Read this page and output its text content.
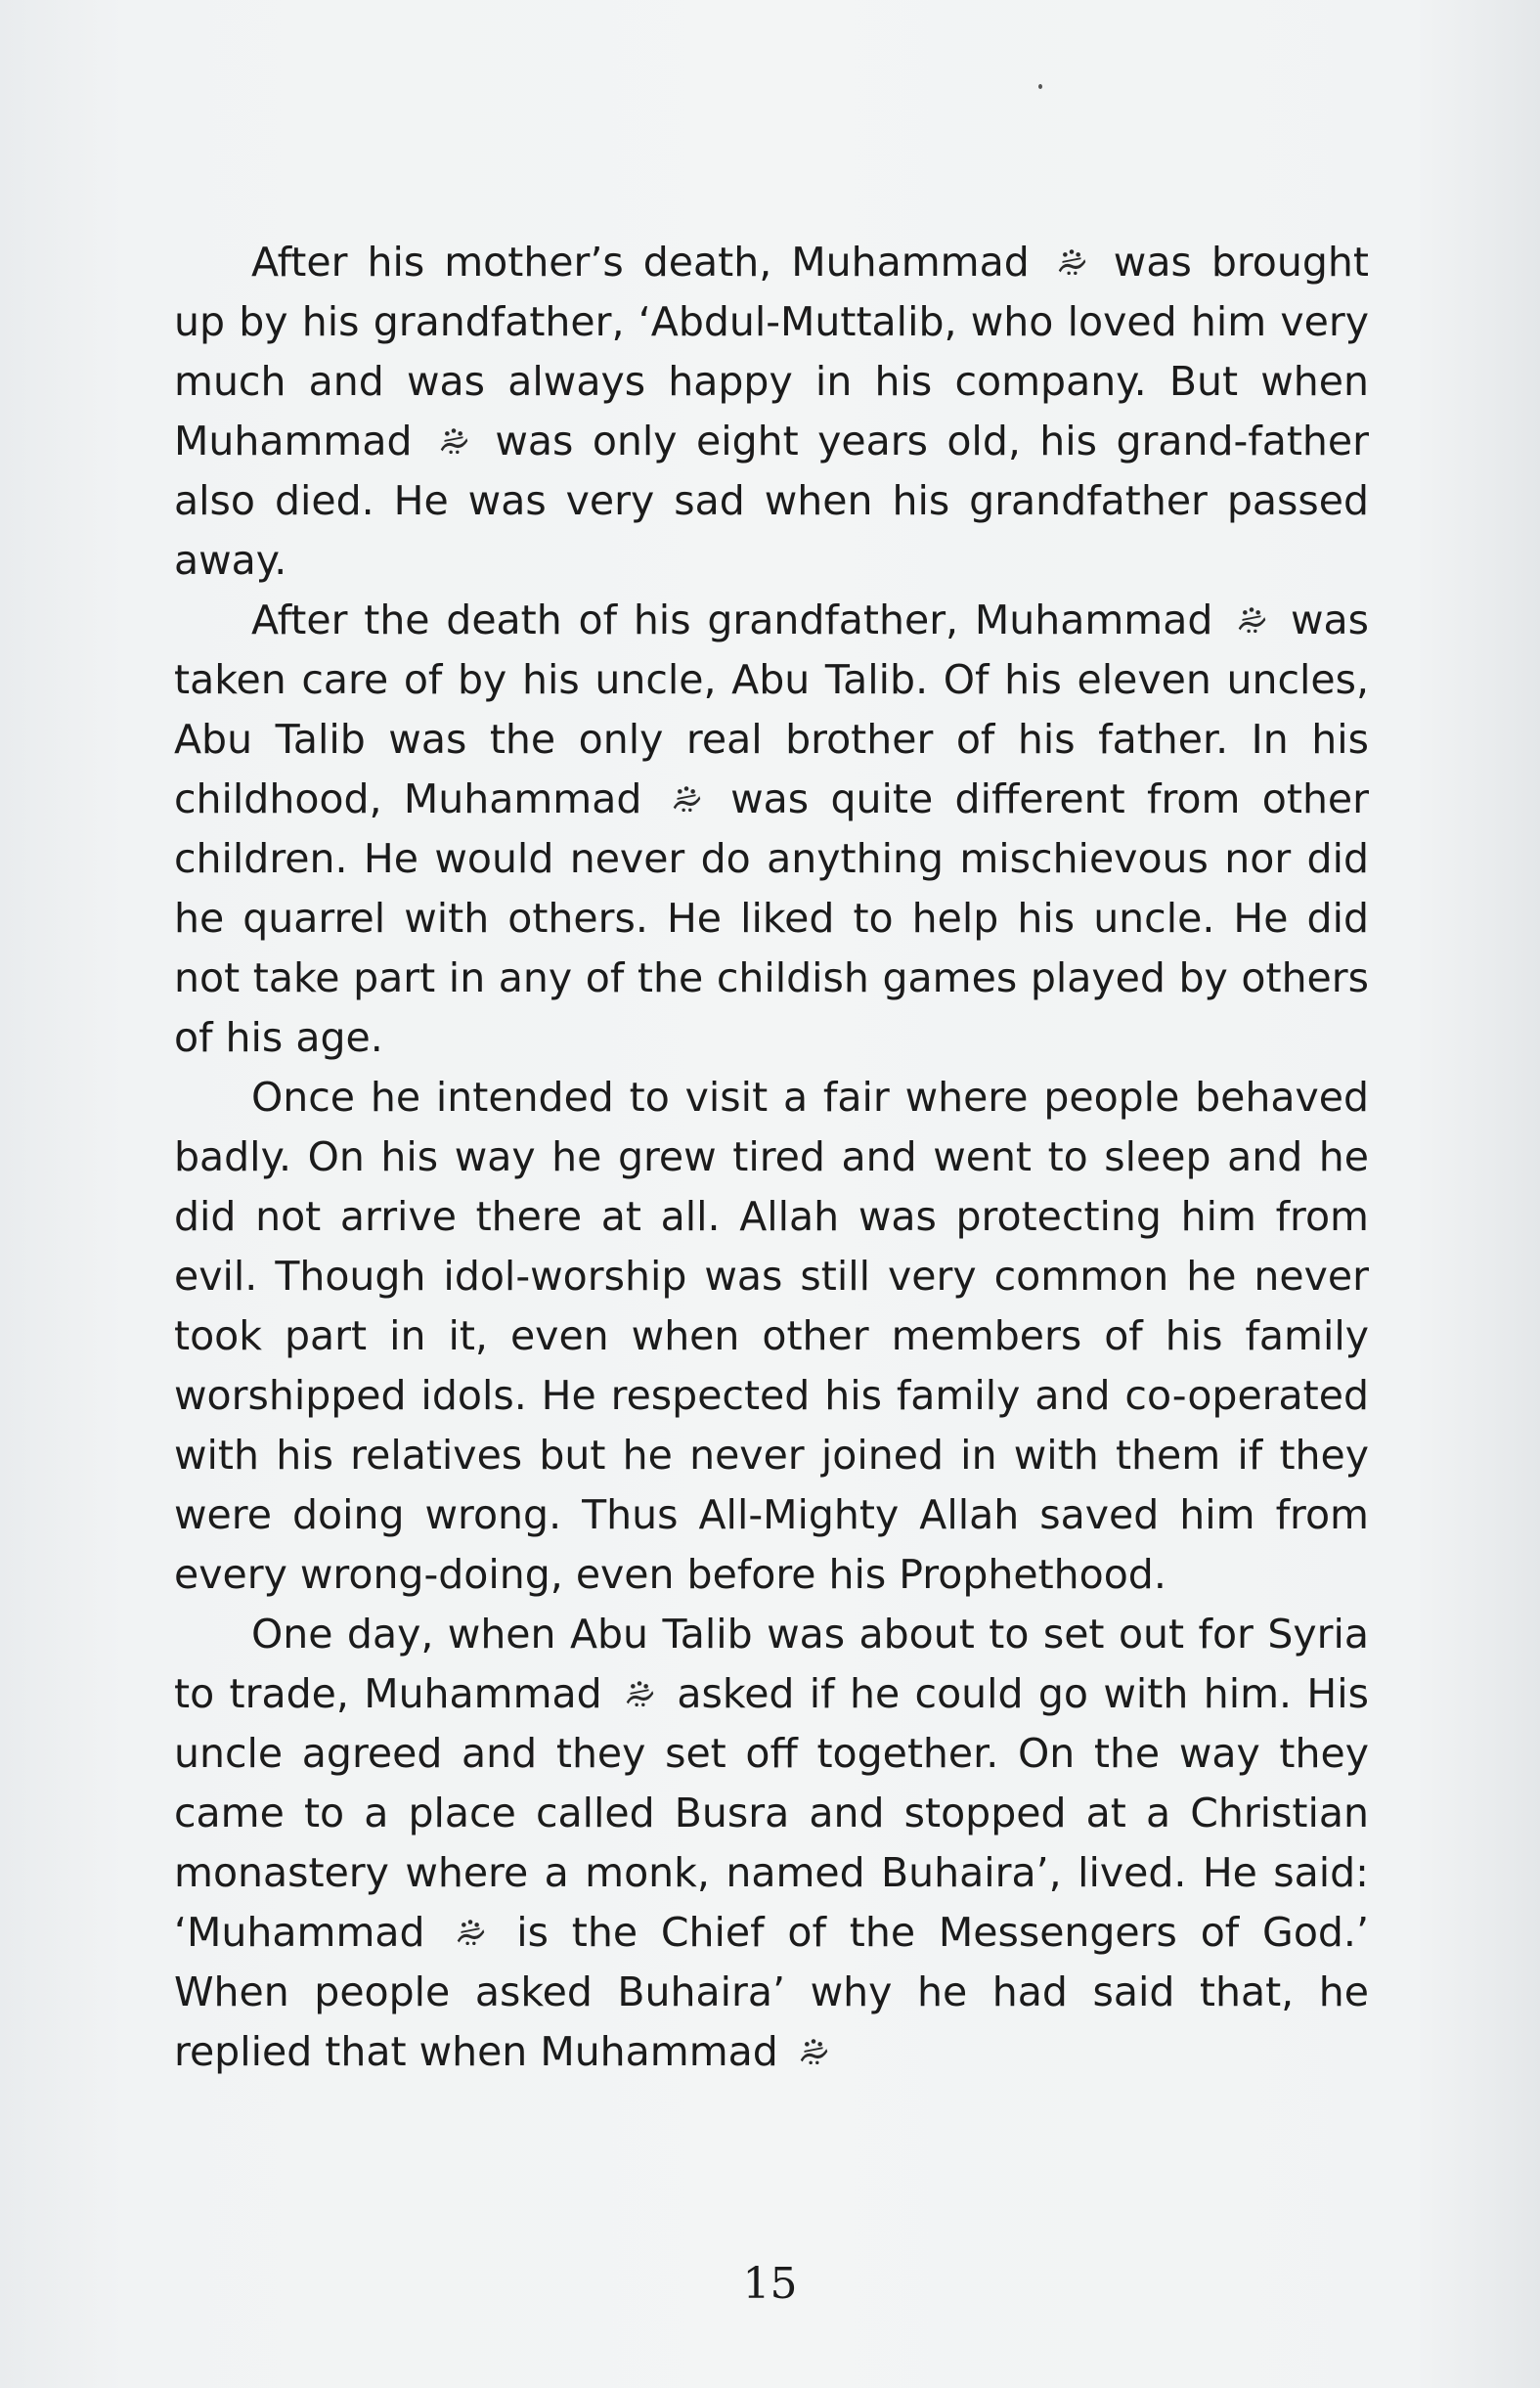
After his mother’s death, Muhammad was brought up by his grandfather, ‘Abdul-Muttalib, who loved him very much and was always happy in his company. But when Muhammad was only eight years old, his grand-father also died. He was very sad when his grandfather passed away.

After the death of his grandfather, Muhammad was taken care of by his uncle, Abu Talib. Of his eleven uncles, Abu Talib was the only real brother of his father. In his childhood, Muhammad was quite different from other children. He would never do anything mischievous nor did he quarrel with others. He liked to help his uncle. He did not take part in any of the childish games played by others of his age.

Once he intended to visit a fair where people behaved badly. On his way he grew tired and went to sleep and he did not arrive there at all. Allah was protecting him from evil. Though idol-worship was still very common he never took part in it, even when other members of his family worshipped idols. He respected his family and co-operated with his relatives but he never joined in with them if they were doing wrong. Thus All-Mighty Allah saved him from every wrong-doing, even before his Prophethood.

One day, when Abu Talib was about to set out for Syria to trade, Muhammad asked if he could go with him. His uncle agreed and they set off together. On the way they came to a place called Busra and stopped at a Christian monastery where a monk, named Buhaira’, lived. He said: ‘Muhammad is the Chief of the Messengers of God.’ When people asked Buhaira’ why he had said that, he replied that when Muhammad

15
